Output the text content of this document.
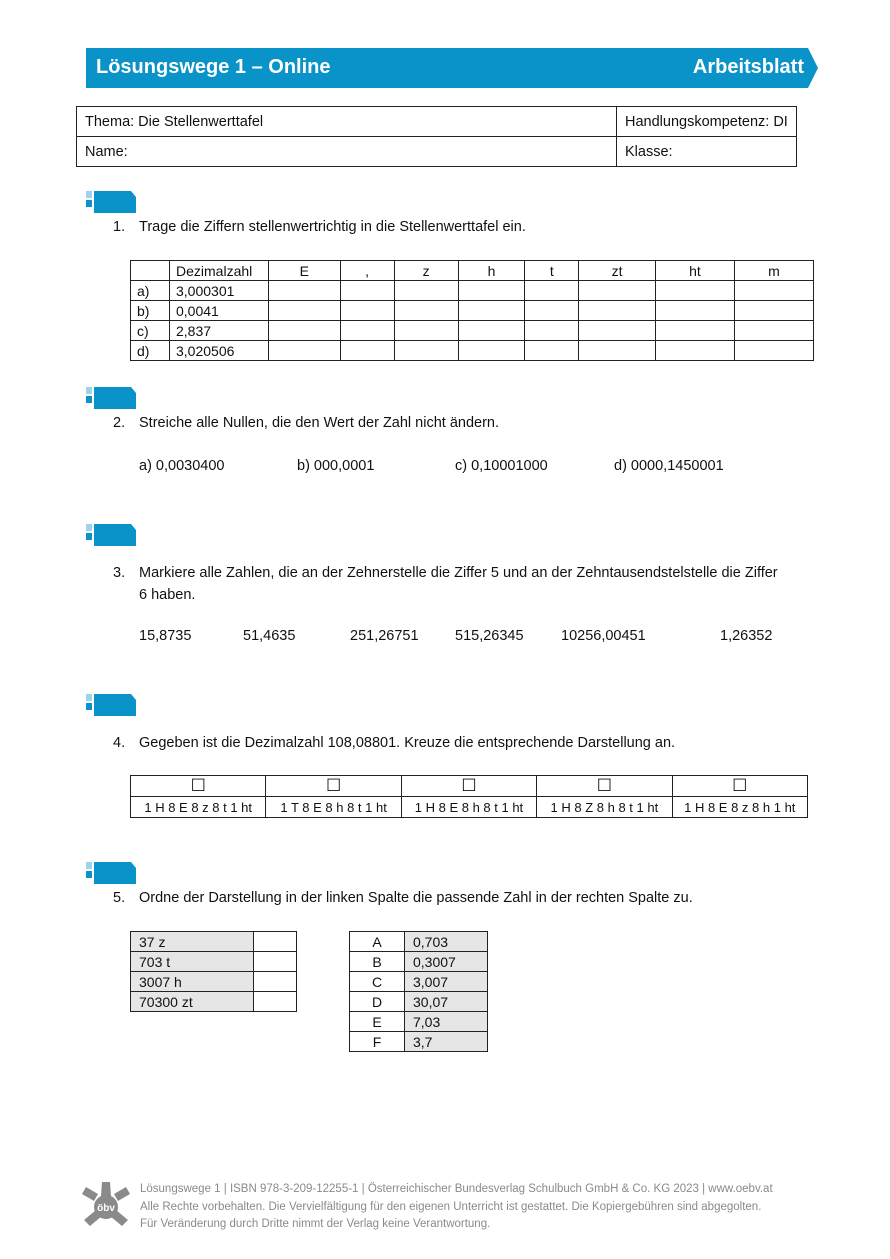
Lösungswege 1 – Online	Arbeitsblatt
Thema: Die Stellenwerttafel	Handlungskompetenz: DI
Name:	Klasse:
1. Trage die Ziffern stellenwertrichtig in die Stellenwerttafel ein.
	Dezimalzahl	E	,	z	h	t	zt	ht	m
a)	3,000301								
b)	0,0041								
c)	2,837								
d)	3,020506								
2. Streiche alle Nullen, die den Wert der Zahl nicht ändern.
a) 0,0030400	b) 000,0001	c) 0,10001000	d) 0000,1450001
3. Markiere alle Zahlen, die an der Zehnerstelle die Ziffer 5 und an der Zehntausendstelstelle die Ziffer
6 haben.
15,8735	51,4635	251,26751	515,26345	10256,00451	1,26352
4. Gegeben ist die Dezimalzahl 108,08801. Kreuze die entsprechende Darstellung an.
☐	☐	☐	☐	☐
1 H 8 E 8 z 8 t 1 ht	1 T 8 E 8 h 8 t 1 ht	1 H 8 E 8 h 8 t 1 ht	1 H 8 Z 8 h 8 t 1 ht	1 H 8 E 8 z 8 h 1 ht
5. Ordne der Darstellung in der linken Spalte die passende Zahl in der rechten Spalte zu.
37 z	
703 t	
3007 h	
70300 zt	
A	0,703
B	0,3007
C	3,007
D	30,07
E	7,03
F	3,7
öbv
Lösungswege 1 | ISBN 978-3-209-12255-1 | Österreichischer Bundesverlag Schulbuch GmbH & Co. KG 2023 | www.oebv.at
Alle Rechte vorbehalten. Die Vervielfältigung für den eigenen Unterricht ist gestattet. Die Kopiergebühren sind abgegolten.
Für Veränderung durch Dritte nimmt der Verlag keine Verantwortung.
